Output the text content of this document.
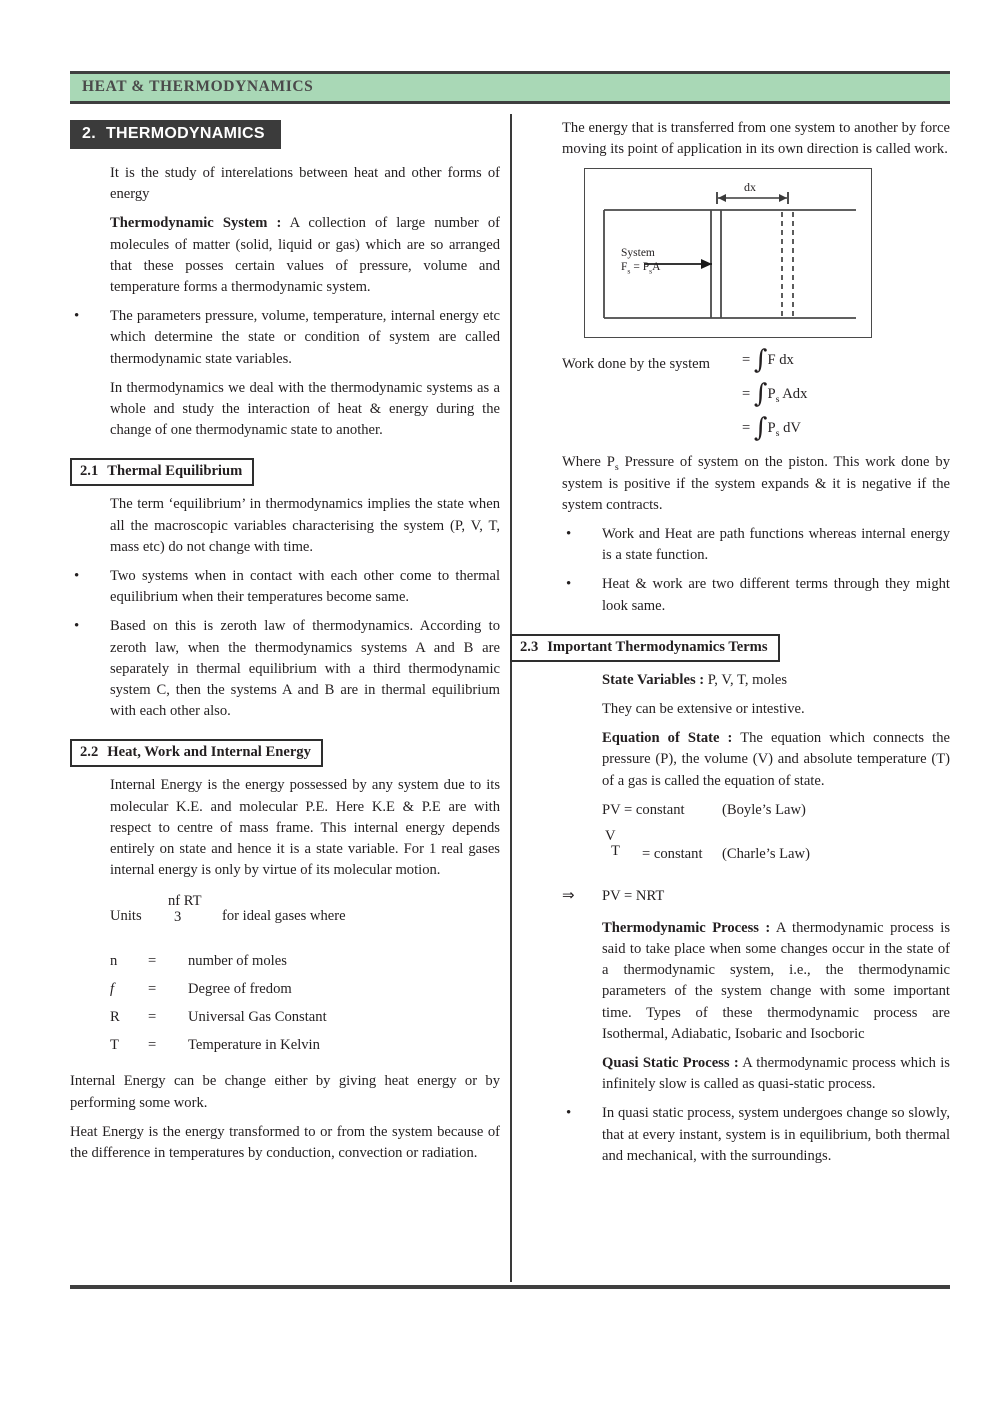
HEAT & THERMODYNAMICS
2. THERMODYNAMICS

It is the study of interelations between heat and other forms of energy

Thermodynamic System : A collection of large number of molecules of matter (solid, liquid or gas) which are so arranged that these posses certain values of pressure, volume and temperature forms a thermodynamic system.

• The parameters pressure, volume, temperature, internal energy etc which determine the state or condition of system are called thermodynamic state variables.

In thermodynamics we deal with the thermodynamic systems as a whole and study the interaction of heat & energy during the change of one thermodynamic state to another.

2.1 Thermal Equilibrium

The term ‘equilibrium’ in thermodynamics implies the state when all the macroscopic variables characterising the system (P, V, T, mass etc) do not change with time.

• Two systems when in contact with each other come to thermal equilibrium when their temperatures become same.

• Based on this is zeroth law of thermodynamics. According to zeroth law, when the thermodynamics systems A and B are separately in thermal equilibrium with a third thermodynamic system C, then the systems A and B are in thermal equilibrium with each other also.

2.2 Heat, Work and Internal Energy

Internal Energy is the energy possessed by any system due to its molecular K.E. and molecular P.E. Here K.E & P.E are with respect to centre of mass frame. This internal energy depends entirely on state and hence it is a state variable. For 1 real gases internal energy is only by virtue of its molecular motion.

Units
nf RT
3	for ideal gases where
n = number of moles
f = Degree of fredom
R = Universal Gas Constant
T = Temperature in Kelvin

Internal Energy can be change either by giving heat energy or by performing some work.

Heat Energy is the energy transformed to or from the system because of the difference in temperatures by conduction, convection or radiation.

The energy that is transferred from one system to another by force moving its point of application in its own direction is called work.

System
$F_s = P_sA$
dx
Work done by the system = ∫F dx
= $\int P_s$ Adx
= $\int P_s$ dV

Where $P_s$ Pressure of system on the piston. This work done by system is positive if the system expands & it is negative if the system contracts.

• Work and Heat are path functions whereas internal energy is a state function.

• Heat & work are two different terms through they might look same.

2.3 Important Thermodynamics Terms

State Variables : P, V, T, moles

They can be extensive or intestive.

Equation of State : The equation which connects the pressure (P), the volume (V) and absolute temperature (T) of a gas is called the equation of state.

PV = constant	(Boyle’s Law)
V
T = constant (Charle’s Law)
⇒ PV = NRT

Thermodynamic Process : A thermodynamic process is said to take place when some changes occur in the state of a thermodynamic system, i.e., the thermodynamic parameters of the system change with some important time. Types of these thermodynamic process are Isothermal, Adiabatic, Isobaric and Isocboric

Quasi Static Process : A thermodynamic process which is infinitely slow is called as quasi-static process.

• In quasi static process, system undergoes change so slowly, that at every instant, system is in equilibrium, both thermal and mechanical, with the surroundings.
